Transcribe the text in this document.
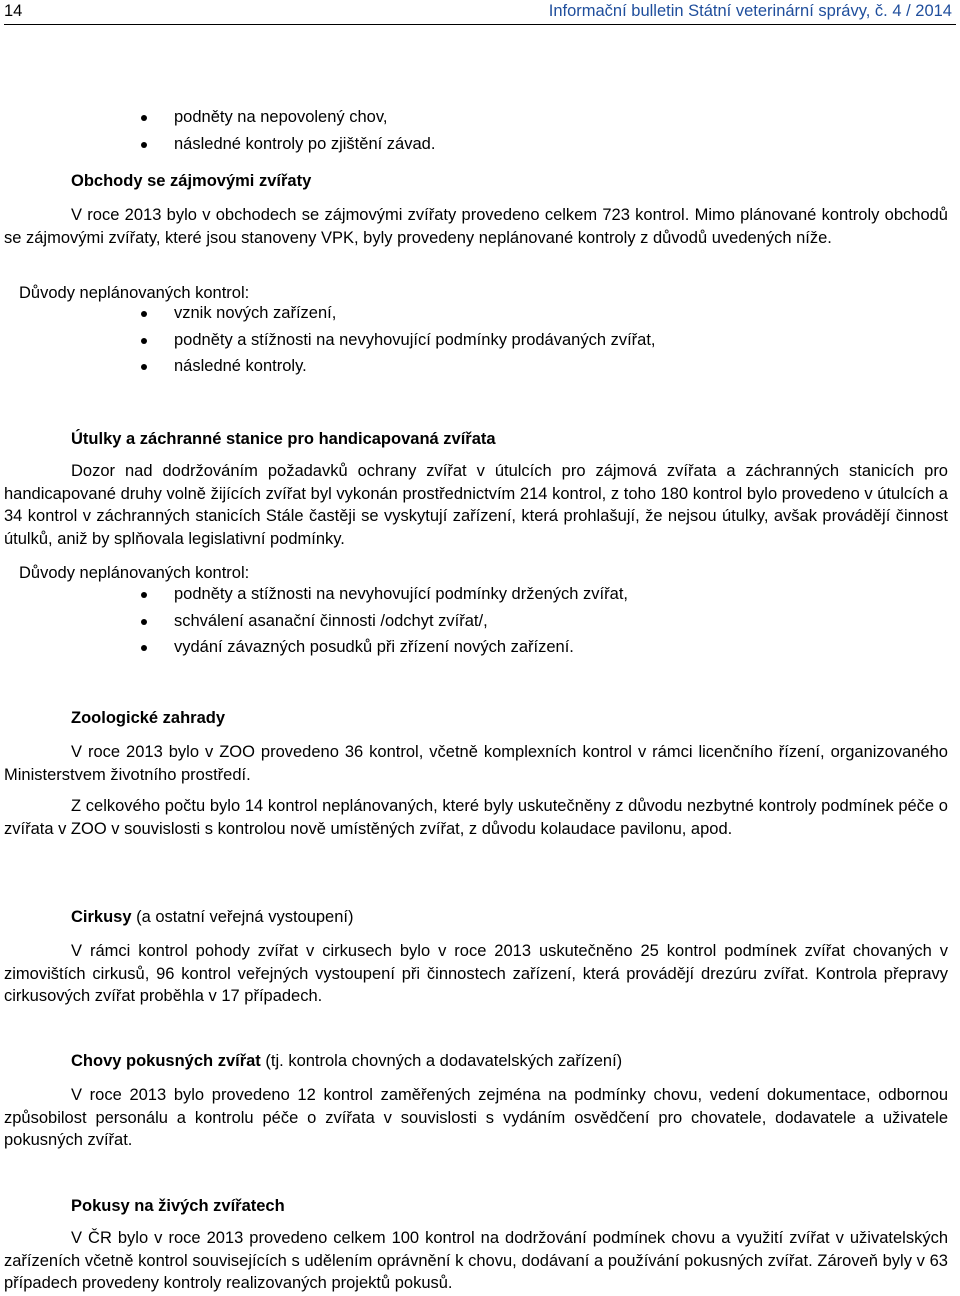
14	Informační bulletin Státní veterinární správy, č. 4 / 2014
podněty na nepovolený chov,
následné kontroly po zjištění závad.
Obchody se zájmovými zvířaty
V roce 2013 bylo v obchodech se zájmovými zvířaty provedeno celkem 723 kontrol. Mimo plánované kontroly obchodů se zájmovými zvířaty, které jsou stanoveny VPK, byly provedeny neplánované kontroly z důvodů uvedených níže.
Důvody neplánovaných kontrol:
vznik nových zařízení,
podněty a stížnosti na nevyhovující podmínky prodávaných zvířat,
následné kontroly.
Útulky a záchranné stanice pro handicapovaná zvířata
Dozor nad dodržováním požadavků ochrany zvířat v útulcích pro zájmová zvířata a záchranných stanicích pro handicapované druhy volně žijících zvířat byl vykonán prostřednictvím 214 kontrol, z toho 180 kontrol bylo provedeno v útulcích a 34 kontrol v záchranných stanicích Stále častěji se vyskytují zařízení, která prohlašují, že nejsou útulky, avšak provádějí činnost útulků, aniž by splňovala legislativní podmínky.
Důvody neplánovaných kontrol:
podněty a stížnosti na nevyhovující podmínky držených zvířat,
schválení asanační činnosti /odchyt zvířat/,
vydání závazných posudků při zřízení nových zařízení.
Zoologické zahrady
V roce 2013 bylo v ZOO provedeno 36 kontrol, včetně komplexních kontrol v rámci licenčního řízení, organizovaného Ministerstvem životního prostředí.
Z celkového počtu bylo 14 kontrol neplánovaných, které byly uskutečněny z důvodu nezbytné kontroly podmínek péče o zvířata v ZOO v souvislosti s kontrolou nově umístěných zvířat, z důvodu kolaudace pavilonu, apod.
Cirkusy (a ostatní veřejná vystoupení)
V rámci kontrol pohody zvířat v cirkusech bylo v roce 2013 uskutečněno 25 kontrol podmínek zvířat chovaných v zimovištích cirkusů, 96 kontrol veřejných vystoupení při činnostech zařízení, která provádějí drezúru zvířat. Kontrola přepravy cirkusových zvířat proběhla v 17 případech.
Chovy pokusných zvířat (tj. kontrola chovných a dodavatelských zařízení)
V roce 2013 bylo provedeno 12 kontrol zaměřených zejména na podmínky chovu, vedení dokumentace, odbornou způsobilost personálu a kontrolu péče o zvířata v souvislosti s vydáním osvědčení pro chovatele, dodavatele a uživatele pokusných zvířat.
Pokusy na živých zvířatech
V ČR bylo v roce 2013 provedeno celkem 100 kontrol na dodržování podmínek chovu a využití zvířat v uživatelských zařízeních včetně kontrol souvisejících s udělením oprávnění k chovu, dodávaní a používání pokusných zvířat. Zároveň byly v 63 případech provedeny kontroly realizovaných projektů pokusů.
